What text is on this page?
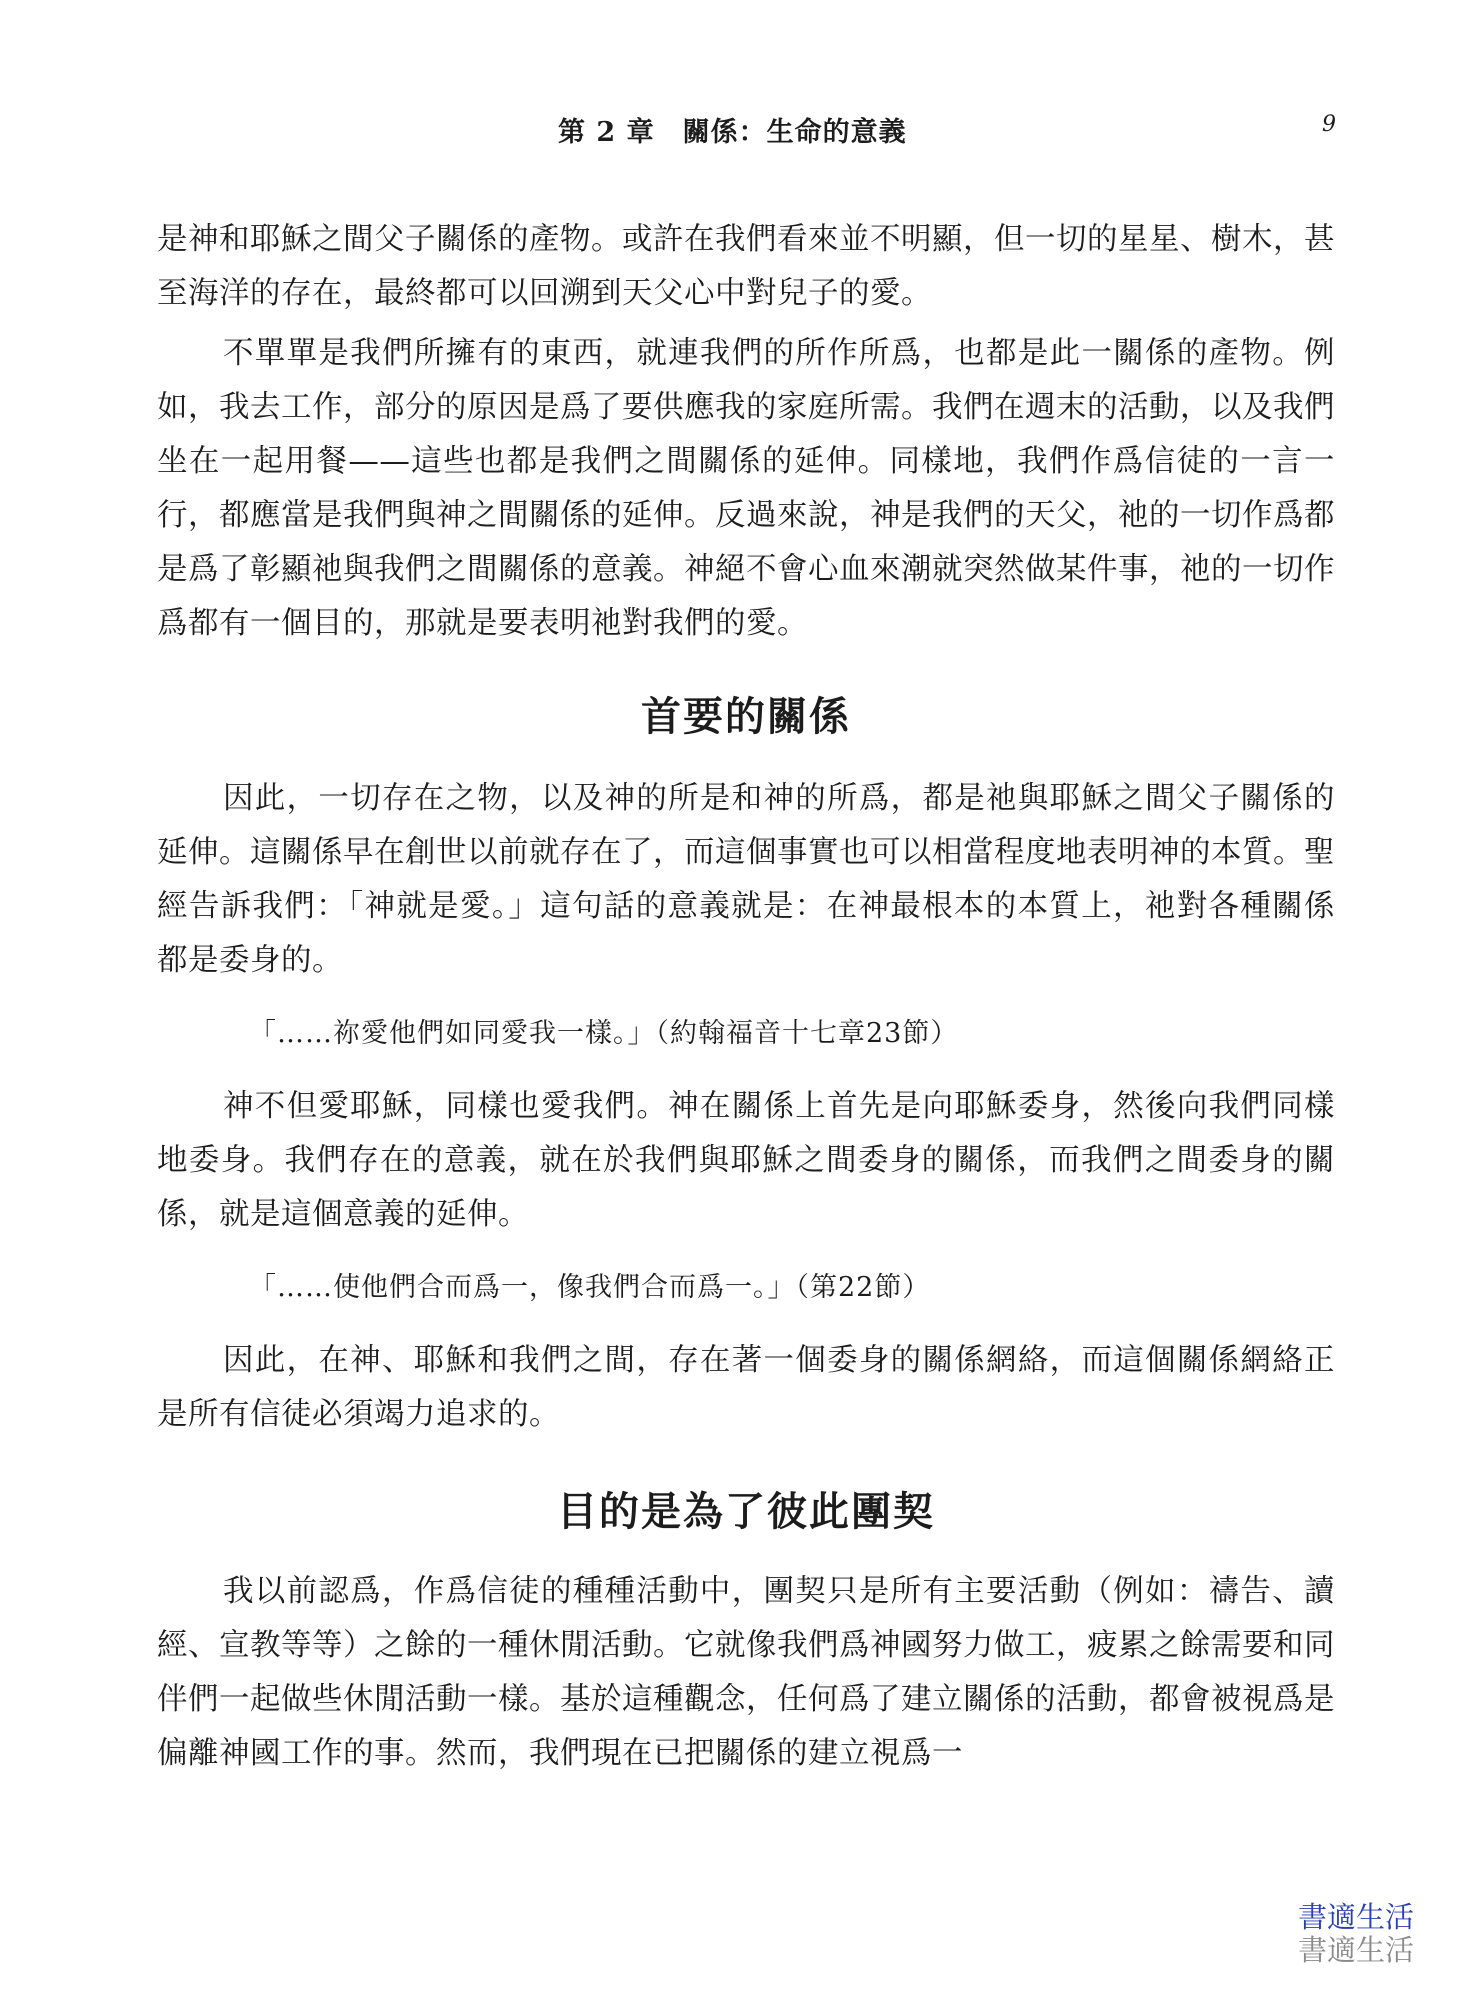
第 2 章　關係：生命的意義	9

是神和耶穌之間父子關係的產物。或許在我們看來並不明顯，但一切的星星、樹木，甚至海洋的存在，最終都可以回溯到天父心中對兒子的愛。

不單單是我們所擁有的東西，就連我們的所作所爲，也都是此一關係的產物。例如，我去工作，部分的原因是爲了要供應我的家庭所需。我們在週末的活動，以及我們坐在一起用餐——這些也都是我們之間關係的延伸。同樣地，我們作爲信徒的一言一行，都應當是我們與神之間關係的延伸。反過來說，神是我們的天父，祂的一切作爲都是爲了彰顯祂與我們之間關係的意義。神絕不會心血來潮就突然做某件事，祂的一切作爲都有一個目的，那就是要表明祂對我們的愛。

首要的關係

因此，一切存在之物，以及神的所是和神的所爲，都是祂與耶穌之間父子關係的延伸。這關係早在創世以前就存在了，而這個事實也可以相當程度地表明神的本質。聖經告訴我們：「神就是愛。」這句話的意義就是：在神最根本的本質上，祂對各種關係都是委身的。

「……祢愛他們如同愛我一樣。」（約翰福音十七章23節）

神不但愛耶穌，同樣也愛我們。神在關係上首先是向耶穌委身，然後向我們同樣地委身。我們存在的意義，就在於我們與耶穌之間委身的關係，而我們之間委身的關係，就是這個意義的延伸。

「……使他們合而爲一，像我們合而爲一。」（第22節）

因此，在神、耶穌和我們之間，存在著一個委身的關係網絡，而這個關係網絡正是所有信徒必須竭力追求的。

目的是為了彼此團契

我以前認爲，作爲信徒的種種活動中，團契只是所有主要活動（例如：禱告、讀經、宣教等等）之餘的一種休閒活動。它就像我們爲神國努力做工，疲累之餘需要和同伴們一起做些休閒活動一樣。基於這種觀念，任何爲了建立關係的活動，都會被視爲是偏離神國工作的事。然而，我們現在已把關係的建立視爲一

書適生活
書適生活
